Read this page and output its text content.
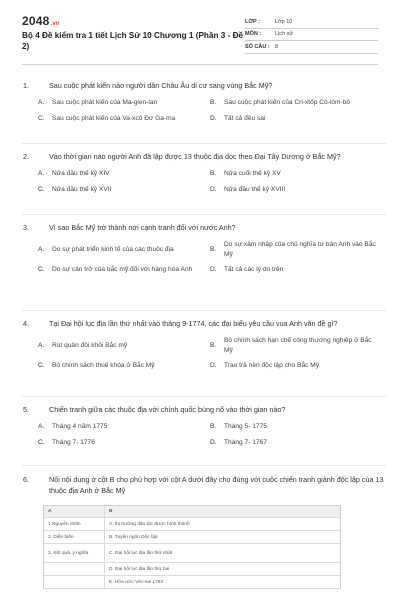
2048.vn
Bộ 4 Đề kiểm tra 1 tiết Lịch Sử 10 Chương 1 (Phần 3 - Đề 2)
LỚP :	Lớp 10
MÔN :	Lịch sử
SỐ CÂU : 8
1.	Sau cuộc phát kiến nào người dân Châu Âu di cư sang vùng Bắc Mỹ?
A.	Sau cuộc phát kiến của Ma-gien-lan	B.	Sau cuộc phát kiến của Cri-xtốp Cô-lôm-bô
C.	Sau cuộc phát kiến của Va-xcô Đơ Ga-ma	D.	Tất cả đều sai
2.	Vào thời gian nào người Anh đã lập được 13 thuộc địa dọc theo Đại Tây Dương ở Bắc Mỹ?
A.	Nửa đầu thế kỷ XIV	B.	Nửa cuối thế kỷ XV
C.	Nửa đầu thế kỷ XVII	D.	Nửa đầu thế kỷ XVIII
3.	Vì sao Bắc Mỹ trở thành nơi cạnh tranh đối với nước Anh?
A.	Do sự phát triển kinh tế của các thuộc địa	B.
Do sự xâm nhập của chủ nghĩa tư bản Anh vào Bắc Mỹ
C.	Do sự cản trở của bắc mỹ đối với hàng hóa Anh	D.	Tất cả các lý do trên
4.	Tại Đại hội lục địa lần thứ nhất vào tháng 9-1774, các đại biểu yêu cầu vua Anh văn đề gì?
A.	Rút quân đội khỏi Bắc mỹ	B.
Bỏ chính sách hạn chế công thương nghiệp ở Bắc Mỹ
C.	Bỏ chính sách thuế khóa ở Bắc Mỹ	D.	Trao trả nền độc lập cho Bắc Mỹ
5.	Chiến tranh giữa các thuộc địa với chính quốc bùng nổ vào thời gian nào?
A.	Tháng 4 năm 1775	B.	Tháng 5- 1775
C.	Tháng 7- 1776	D.	Tháng 7- 1767
6.	Nối nội dung ở cột B cho phù hợp với cột A dưới đây cho đúng với cuộc chiến tranh giành độc lập của 13 thuộc địa Anh ở Bắc Mỹ
A	B
1.Nguyên nhân	A. thị trường dân tộc được hình thành
2. Diễn biến	B. Tuyên ngôn Độc lập
3. Kết quả, ý nghĩa	C. Đại hội lục địa lần thứ nhất
D. Đại hội lục địa lần thứ hai
E. Hòa ước Véc-sai 1783
